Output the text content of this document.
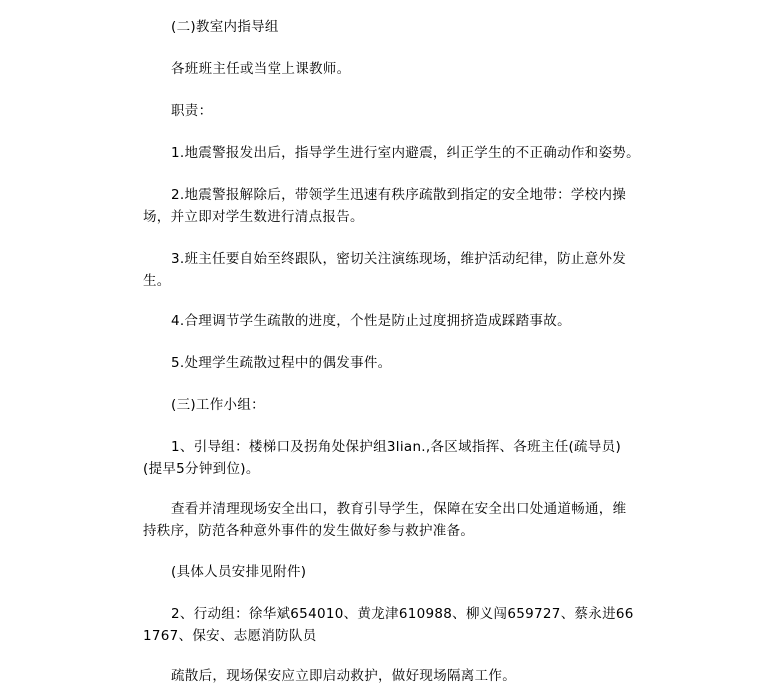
(二)教室内指导组

各班班主任或当堂上课教师。

职责：

1.地震警报发出后，指导学生进行室内避震，纠正学生的不正确动作和姿势。

2.地震警报解除后，带领学生迅速有秩序疏散到指定的安全地带：学校内操场，并立即对学生数进行清点报告。

3.班主任要自始至终跟队，密切关注演练现场，维护活动纪律，防止意外发生。

4.合理调节学生疏散的进度，个性是防止过度拥挤造成踩踏事故。

5.处理学生疏散过程中的偶发事件。

(三)工作小组：

1、引导组：楼梯口及拐角处保护组3lian.,各区域指挥、各班主任(疏导员)(提早5分钟到位)。

查看并清理现场安全出口，教育引导学生，保障在安全出口处通道畅通，维持秩序，防范各种意外事件的发生做好参与救护准备。

(具体人员安排见附件)

2、行动组：徐华斌654010、黄龙津610988、柳义闯659727、蔡永进661767、保安、志愿消防队员

疏散后，现场保安应立即启动救护，做好现场隔离工作。
